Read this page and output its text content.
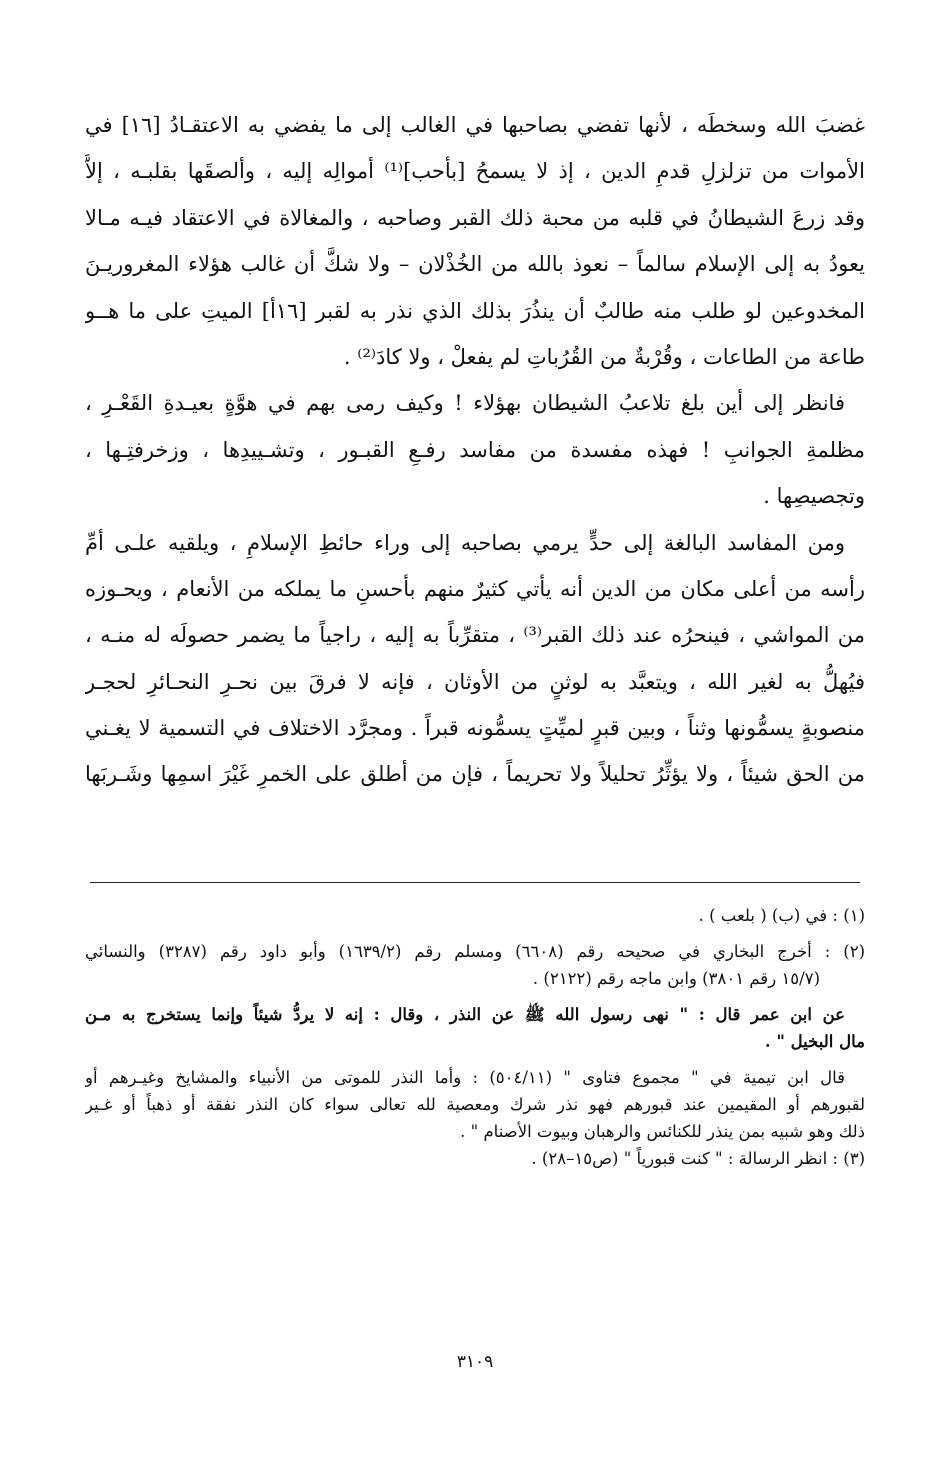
غضبَ الله وسخطَه ، لأنها تفضي بصاحبها في الغالب إلى ما يفضي به الاعتقـادُ [١٦] في
الأموات من تزلزلِ قدمِ الدين ، إذ لا يسمحُ [بأحب]⁽¹⁾ أموالِه إليه ، وألصقَها بقلبـه ، إلاَّ
وقد زرعَ الشيطانُ في قلبه من محبة ذلك القبر وصاحبه ، والمغالاة في الاعتقاد فيـه مـالا
يعودُ به إلى الإسلام سالماً – نعوذ بالله من الخُذْلان – ولا شكَّ أن غالب هؤلاء المغروريـنَ
المخدوعين لو طلب منه طالبٌ أن ينذُرَ بذلك الذي نذر به لقبر [١٦أ] الميتِ على ما هــو
طاعة من الطاعات ، وقُرْبةٌ من القُرُباتِ لم يفعلْ ، ولا كادَ⁽²⁾ .
فانظر إلى أين بلغ تلاعبُ الشيطان بهؤلاء ! وكيف رمى بهم في هوَّةٍ بعيـدةِ القَعْـرِ ،
مظلمةِ الجوانبِ ! فهذه مفسدة من مفاسد رفـعِ القبـور ، وتشـييدِها ، وزخرفتِـها ،
وتجصيصِها .
ومن المفاسد البالغة إلى حدٍّ يرمي بصاحبه إلى وراء حائطِ الإسلامِ ، ويلقيه علـى أمِّ
رأسه من أعلى مكان من الدين أنه يأتي كثيرٌ منهم بأحسنِ ما يملكه من الأنعام ، ويحـوزه
من المواشي ، فينحرُه عند ذلك القبر⁽³⁾ ، متقرِّباً به إليه ، راجياً ما يضمر حصولَه له منـه ،
فيُهلُّ به لغير الله ، ويتعبَّد به لوثنٍ من الأوثان ، فإنه لا فرقَ بين نحـرِ النحـائرِ لحجـر
منصوبةٍ يسمُّونها وثناً ، وبين قبرٍ لميِّتٍ يسمُّونه قبراً . ومجرَّد الاختلاف في التسمية لا يغـني
من الحق شيئاً ، ولا يؤثِّرُ تحليلاً ولا تحريماً ، فإن من أطلق على الخمرِ غَيْرَ اسمِها وشَـربَها
(١) : في (ب) ( بلعب ) .
(٢) : أخرج البخاري في صحيحه رقم (٦٦٠٨) ومسلم رقم (١٦٣٩/٢) وأبو داود رقم (٣٢٨٧) والنسائي
(١٥/٧ رقم ٣٨٠١) وابن ماجه رقم (٢١٢٢) .
عن ابن عمر قال : " نهى رسول الله ﷺ عن النذر ، وقال : إنه لا يردُّ شيئاً وإنما يستخرج به مـن
مال البخيل " .
قال ابن تيمية في " مجموع فتاوى " (٥٠٤/١١) : وأما النذر للموتى من الأنبياء والمشايخ وغيـرهم أو
لقبورهم أو المقيمين عند قبورهم فهو نذر شرك ومعصية لله تعالى سواء كان النذر نفقة أو ذهباً أو غـير
ذلك وهو شبيه بمن ينذر للكنائس والرهبان وبيوت الأصنام " .
(٣) : انظر الرسالة : " كنت قبورياً " (ص١٥–٢٨) .
٣١٠٩
